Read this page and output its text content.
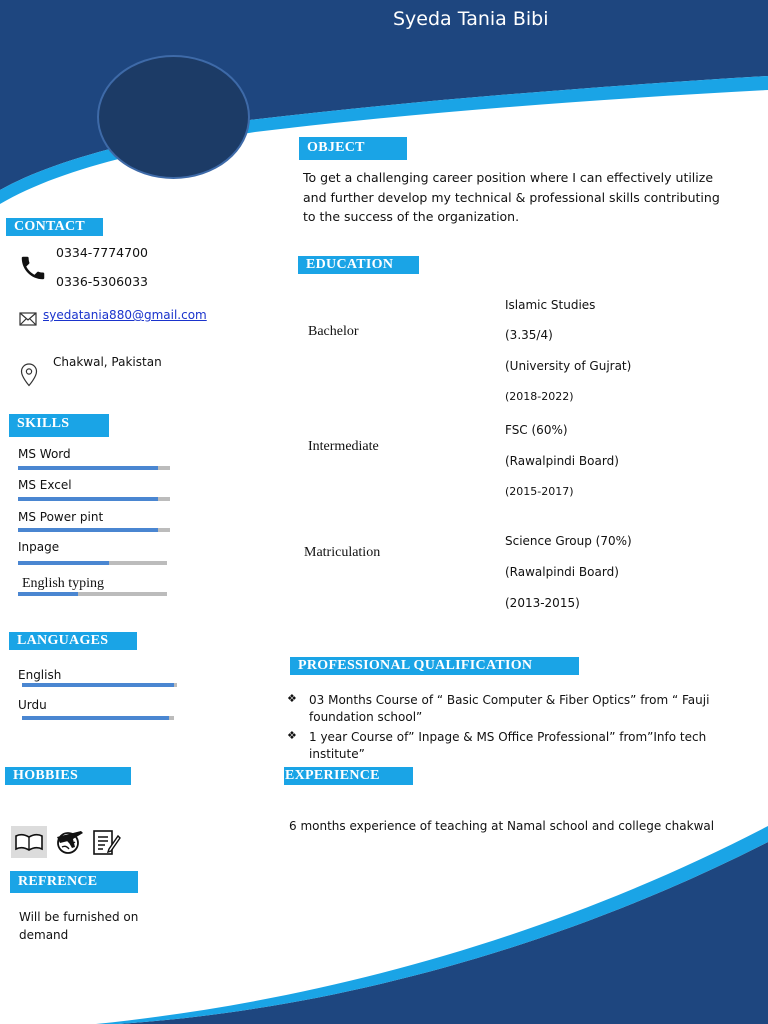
Syeda Tania Bibi
CONTACT
0334-7774700
0336-5306033
syedatania880@gmail.com
Chakwal, Pakistan
SKILLS
MS Word
MS Excel
MS Power pint
Inpage
English typing
LANGUAGES
English
Urdu
HOBBIES
REFRENCE
Will be furnished on demand
OBJECT
To get a challenging career position where I can effectively utilize and further develop my technical & professional skills contributing to the success of the organization.
EDUCATION
Bachelor
Islamic Studies
(3.35/4)
(University of Gujrat)
(2018-2022)
Intermediate
FSC (60%)
(Rawalpindi Board)
(2015-2017)
Matriculation
Science Group (70%)
(Rawalpindi Board)
(2013-2015)
PROFESSIONAL QUALIFICATION
❖	03 Months Course of “ Basic Computer & Fiber Optics” from “ Fauji foundation school”
❖	1 year Course of” Inpage & MS Office Professional” from”Info tech institute”
EXPERIENCE
6 months experience of teaching at Namal school and college chakwal
